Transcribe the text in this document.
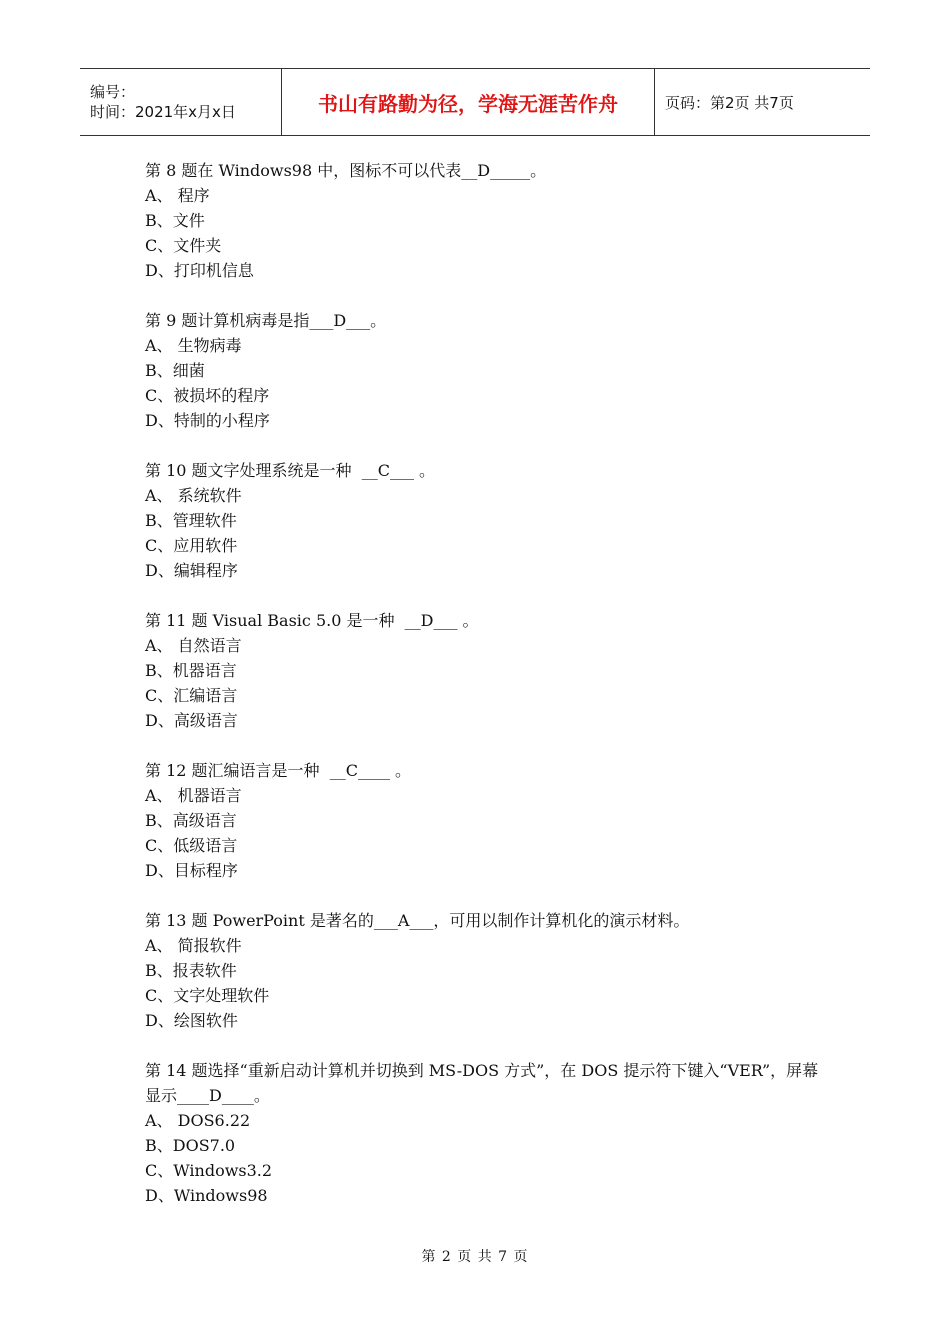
编号：
时间：2021年x月x日	书山有路勤为径，学海无涯苦作舟	页码：第2页 共7页
第 8 题在 Windows98 中，图标不可以代表__D_____。
A、 程序
B、文件
C、文件夹
D、打印机信息
第 9 题计算机病毒是指___D___。
A、 生物病毒
B、细菌
C、被损坏的程序
D、特制的小程序
第 10 题文字处理系统是一种  __C___ 。
A、 系统软件
B、管理软件
C、应用软件
D、编辑程序
第 11 题 Visual Basic 5.0 是一种  __D___ 。
A、 自然语言
B、机器语言
C、汇编语言
D、高级语言
第 12 题汇编语言是一种  __C____ 。
A、 机器语言
B、高级语言
C、低级语言
D、目标程序
第 13 题 PowerPoint 是著名的___A___，可用以制作计算机化的演示材料。
A、 简报软件
B、报表软件
C、文字处理软件
D、绘图软件
第 14 题选择“重新启动计算机并切换到 MS-DOS 方式”，在 DOS 提示符下键入“VER”，屏幕显示____D____。
A、 DOS6.22
B、DOS7.0
C、Windows3.2
D、Windows98
第 2 页 共 7 页
